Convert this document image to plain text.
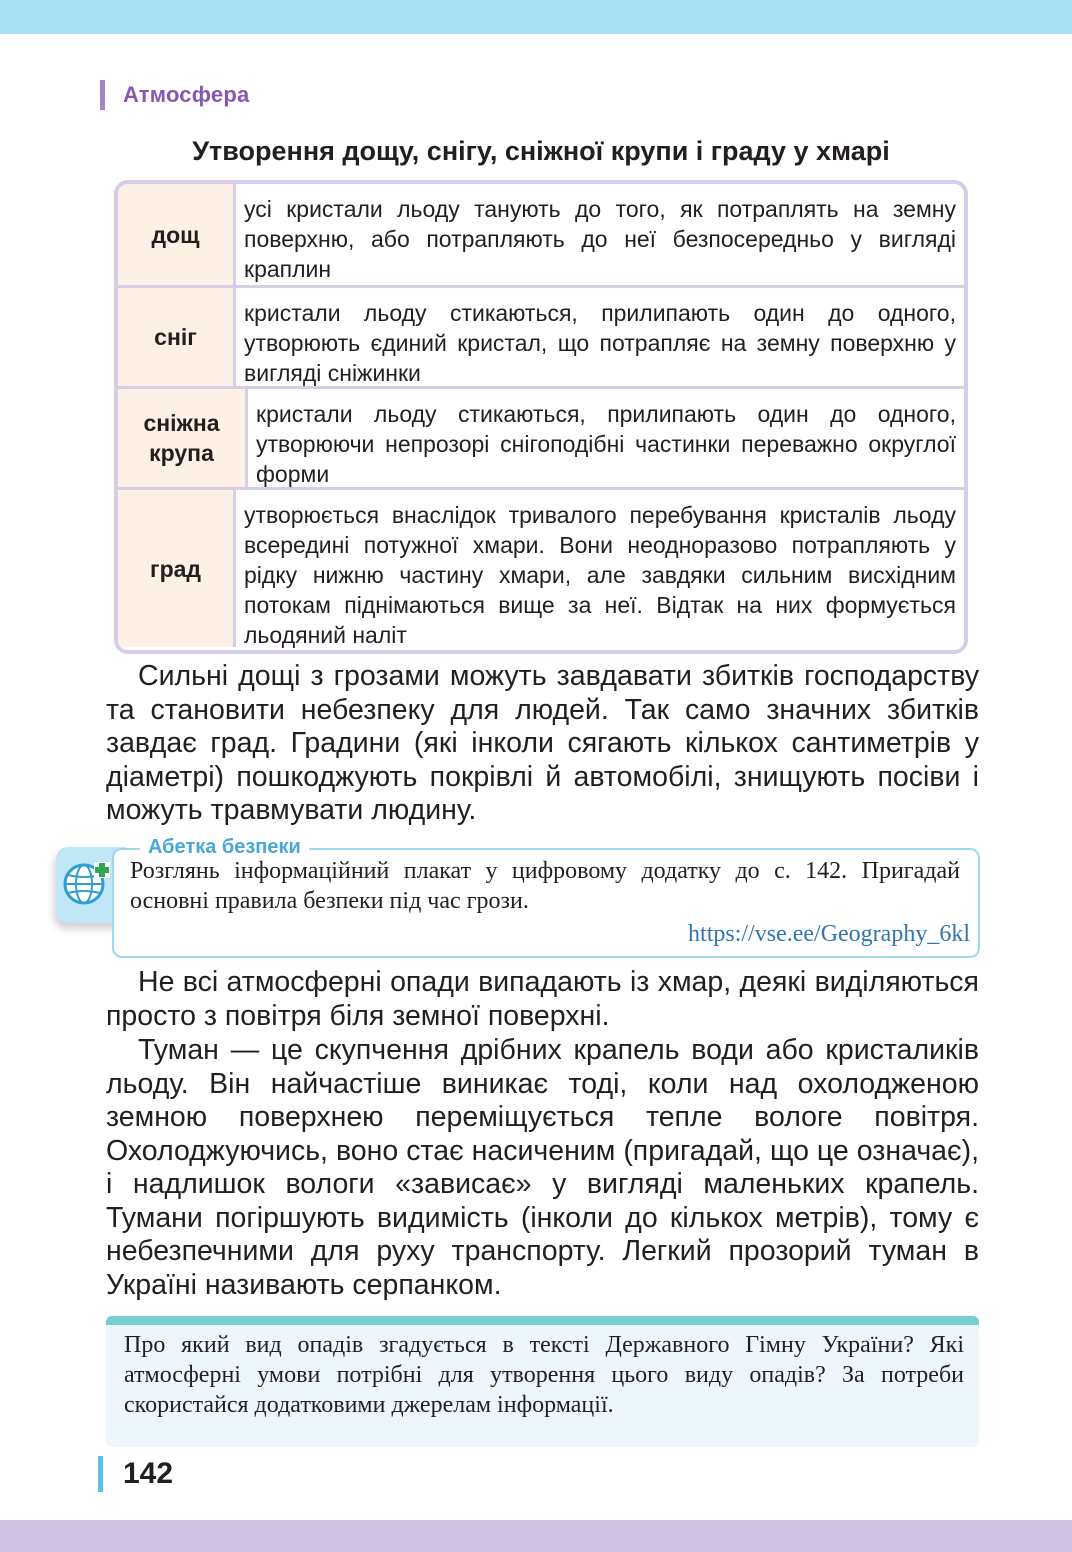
Атмосфера
Утворення дощу, снігу, сніжної крупи і граду у хмарі
дощ
усі кристали льоду танують до того, як потраплять на земну поверхню, або потрапляють до неї безпосередньо у вигляді краплин
сніг
кристали льоду стикаються, прилипають один до одного, утворюють єдиний кристал, що потрапляє на земну поверхню у вигляді сніжинки
сніжна крупа
кристали льоду стикаються, прилипають один до одного, утворюючи непрозорі снігоподібні частинки переважно округлої форми
град
утворюється внаслідок тривалого перебування кристалів льоду всередині потужної хмари. Вони неодноразово потрапляють у рідку нижню частину хмари, але завдяки сильним висхідним потокам піднімаються вище за неї. Відтак на них формується льодяний наліт

Сильні дощі з грозами можуть завдавати збитків господарству та становити небезпеку для людей. Так само значних збитків завдає град. Градини (які інколи сягають кількох сантиметрів у діаметрі) пошкоджують покрівлі й автомобілі, знищують посіви і можуть травмувати людину.

Абетка безпеки
Розглянь інформаційний плакат у цифровому додатку до с. 142. Пригадай основні правила безпеки під час грози.
https://vse.ee/Geography_6kl

Не всі атмосферні опади випадають із хмар, деякі виділяються просто з повітря біля земної поверхні.

Туман — це скупчення дрібних крапель води або кристаликів льоду. Він найчастіше виникає тоді, коли над охолодженою земною поверхнею переміщується тепле вологе повітря. Охолоджуючись, воно стає насиченим (пригадай, що це означає), і надлишок вологи «зависає» у вигляді маленьких крапель. Тумани погіршують видимість (інколи до кількох метрів), тому є небезпечними для руху транспорту. Легкий прозорий туман в Україні називають серпанком.

Про який вид опадів згадується в тексті Державного Гімну України? Які атмосферні умови потрібні для утворення цього виду опадів? За потреби скористайся додатковими джерелам інформації.
142
